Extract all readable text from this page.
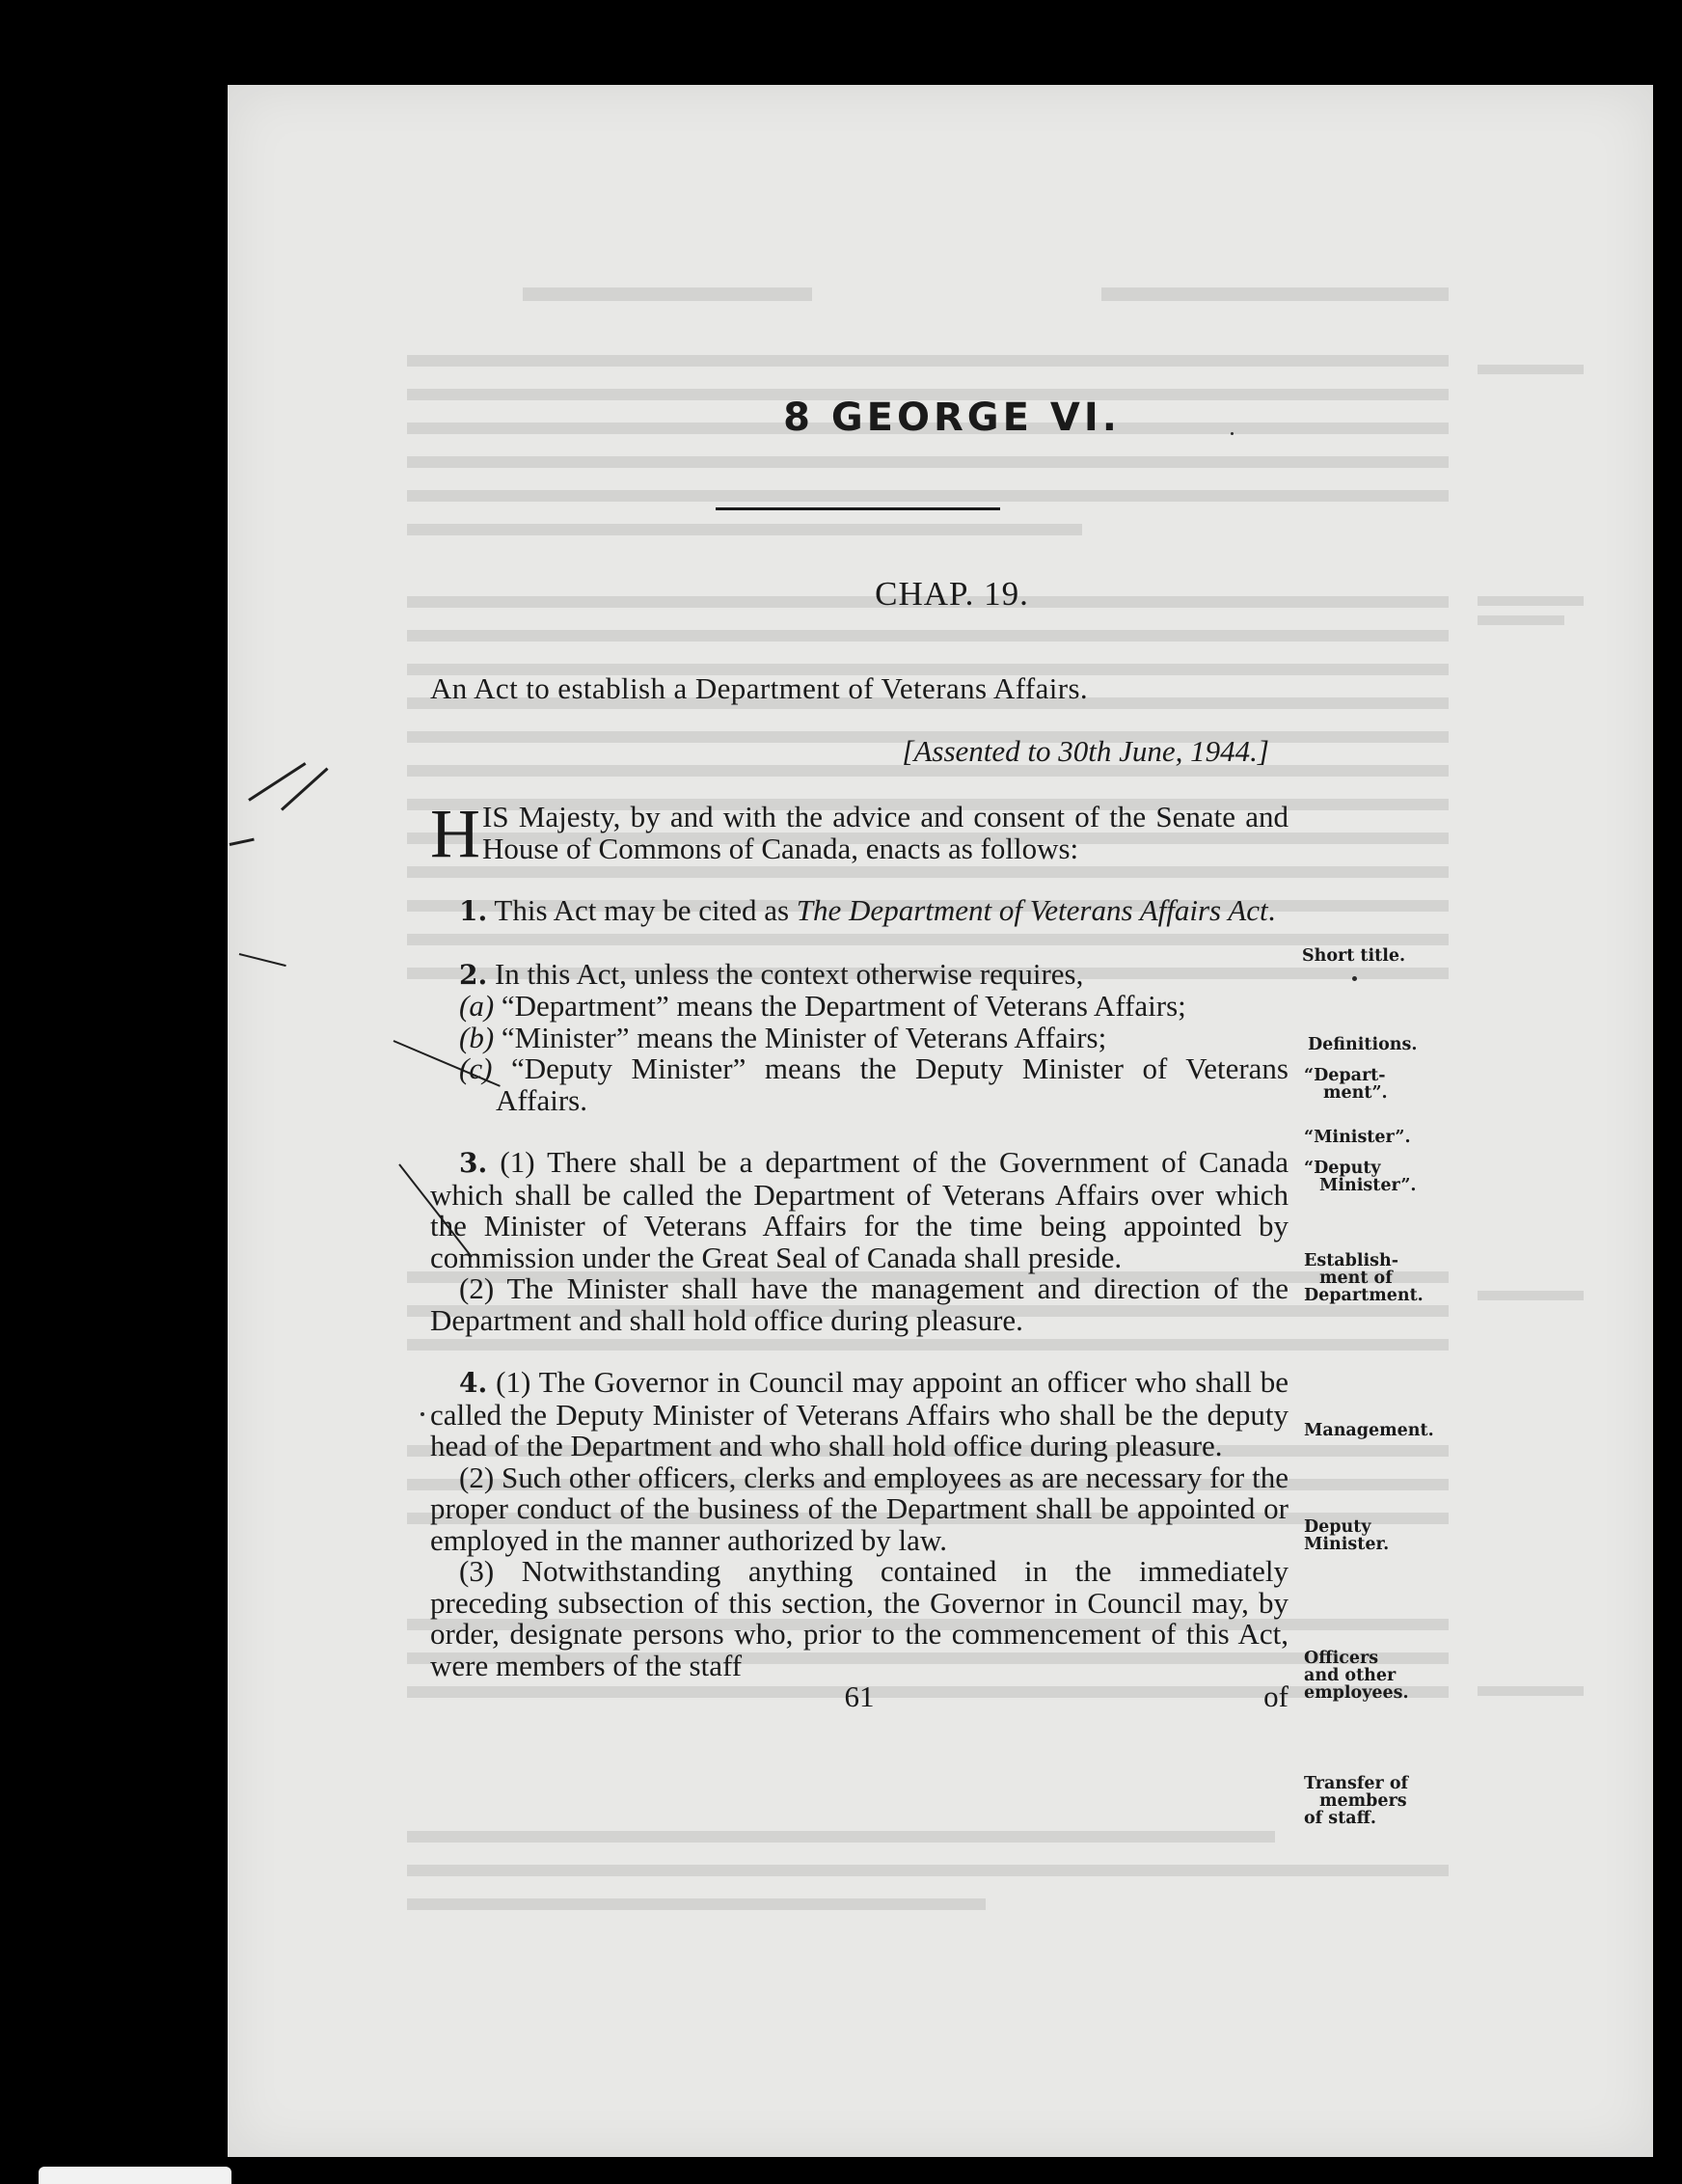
8 GEORGE VI.
CHAP. 19.

An Act to establish a Department of Veterans Affairs.

[Assented to 30th June, 1944.]

HIS Majesty, by and with the advice and consent of the Senate and House of Commons of Canada, enacts as follows:

1. This Act may be cited as The Department of Veterans Affairs Act.

2. In this Act, unless the context otherwise requires,

(a) “Department” means the Department of Veterans Affairs;

(b) “Minister” means the Minister of Veterans Affairs;

(c) “Deputy Minister” means the Deputy Minister of Veterans Affairs.

3. (1) There shall be a department of the Government of Canada which shall be called the Department of Veterans Affairs over which the Minister of Veterans Affairs for the time being appointed by commission under the Great Seal of Canada shall preside.

(2) The Minister shall have the management and direction of the Department and shall hold office during pleasure.

4. (1) The Governor in Council may appoint an officer who shall be called the Deputy Minister of Veterans Affairs who shall be the deputy head of the Department and who shall hold office during pleasure.

(2) Such other officers, clerks and employees as are necessary for the proper conduct of the business of the Department shall be appointed or employed in the manner authorized by law.

(3) Notwithstanding anything contained in the immediately preceding subsection of this section, the Governor in Council may, by order, designate persons who, prior to the commencement of this Act, were members of the staff

61	of
Short title.
Definitions.
“Depart-
ment”.
“Minister”.
“Deputy
Minister”.
Establish-
ment of
Department.
Management.
Deputy
Minister.
Officers
and other
employees.
Transfer of
members
of staff.
